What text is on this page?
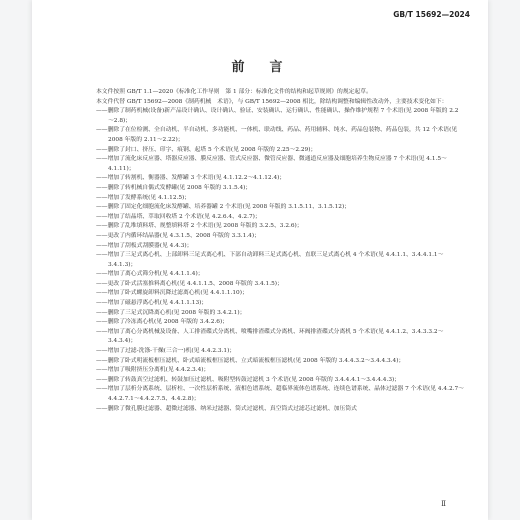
GB/T 15692—2024
前　言

本文件按照 GB/T 1.1—2020《标准化工作导则　第 1 部分：标准化文件的结构和起草规则》的规定起草。

本文件代替 GB/T 15692—2008《制药机械　术语》，与 GB/T 15692—2008 相比，除结构调整和编辑性改动外，主要技术变化如下：

——删除了制药机械(设备)新产品设计确认、设计确认、验证、安装确认、运行确认、性能确认、操作维护规程 7 个术语(见 2008 年版的 2.2～2.8)；

——删除了在位检测、全自动机、半自动机、多功能机、一体机、联动线、药品、药用辅料、纯水、药品包装物、药品包装，共 12 个术语(见 2008 年版的 2.11～2.22)；

——删除了封口、挤压、印字、痕钢、起塔 5 个术语(见 2008 年版的 2.25～2.29)；

——增加了流化床反应器、塔器反应器、膜反应器、管式反应器、微管反应器、微通道反应器及细胞培养生物反应器 7 个术语(见 4.1.5～4.1.11)；

——增加了转割机、衡器器、发酵罐 3 个术语(见 4.1.12.2～4.1.12.4)；

——删除了转机械自偶式发酵罐(见 2008 年版的 3.1.5.4)；

——增加了发酵系统(见 4.1.12.5)；

——删除了固定化细胞流化床发酵罐、培养器罐 2 个术语(见 2008 年版的 3.1.5.11、3.1.5.12)；

——增加了结晶塔、萃取回收塔 2 个术语(见 4.2.6.4、4.2.7)；

——删除了乱堆填料塔、规整填料塔 2 个术语(见 2008 年版的 3.2.5、3.2.6)；

——更改了内循环结晶器(见 4.3.1.5、2008 年版的 3.3.1.4)；

——增加了刮板式刮膜器(见 4.4.3)；

——增加了三足式离心机、上部卸料三足式离心机、下部自动卸料三足式离心机、直联三足式离心机 4 个术语(见 4.4.1.1、3.4.4.1.1～3.4.1.3)；

——增加了离心式筛分机(见 4.4.1.1.4)；

——更改了卧式活塞推料离心机(见 4.4.1.1.5、2008 年版的 3.4.1.5)；

——增加了卧式螺旋卸料沉降过滤离心机(见 4.4.1.1.10)；

——增加了磁悬浮离心机(见 4.4.1.1.13)；

——删除了三足式沉降离心机(见 2008 年版的 3.4.2.1)；

——删除了冷冻离心机(见 2008 年版的 3.4.2.6)；

——增加了离心分离机械及设备、人工排渣碟式分离机、喷嘴排渣碟式分离机、环阀排渣碟式分离机 5 个术语(见 4.4.1.2、3.4.3.3.2～3.4.3.4)；

——增加了过滤-洗涤-干燥(三合一)机(见 4.4.2.3.1)；

——删除了卧式明流板框压滤机、卧式暗流板框压滤机、立式暗流板框压滤机(见 2008 年版的 3.4.4.3.2～3.4.4.3.4)；

——增加了吸附挤压分离机(见 4.4.2.3.4)；

——删除了转鼓真空过滤机、转鼓加压过滤机、吸附型转鼓过滤机 3 个术语(见 2008 年版的 3.4.4.4.1～3.4.4.4.3)；

——增加了层析分离系统、层析柱、一次性层析系统、液相色谱系统、超临界流体色谱系统、连续色谱系统、晶体过滤器 7 个术语(见 4.4.2.7～4.4.2.7.1～4.4.2.7.5、4.4.2.8)；

——删除了微孔膜过滤器、超微过滤器、纳米过滤器、筒式过滤机、真空筒式过滤芯过滤机、加压筒式

Ⅱ
